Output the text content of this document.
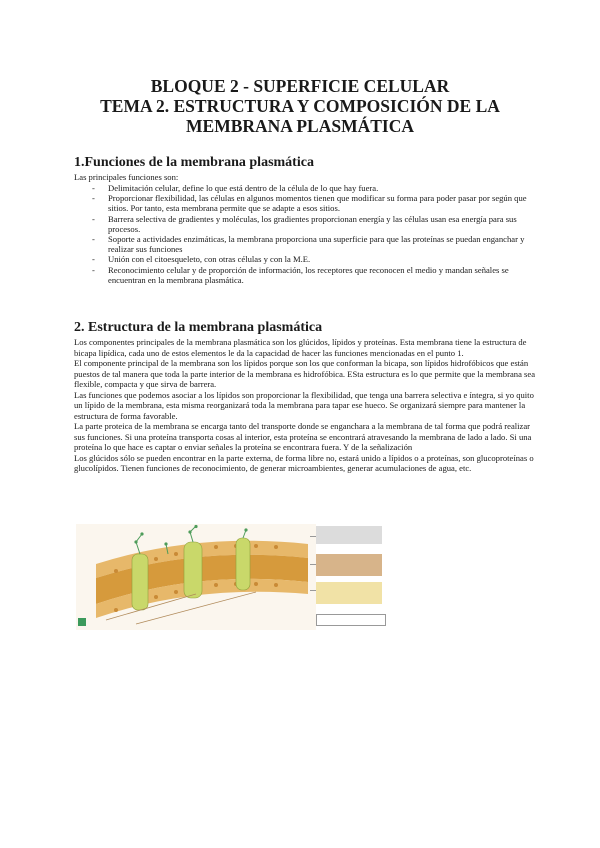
BLOQUE 2 - SUPERFICIE CELULAR
TEMA 2. ESTRUCTURA Y COMPOSICIÓN DE LA
MEMBRANA PLASMÁTICA
1.Funciones de la membrana plasmática
Las principales funciones son:
- Delimitación celular, define lo que está dentro de la célula de lo que hay fuera.
- Proporcionar flexibilidad, las células en algunos momentos tienen que modificar su forma para poder pasar por según que sitios. Por tanto, esta membrana permite que se adapte a esos sitios.
- Barrera selectiva de gradientes y moléculas, los gradientes proporcionan energía y las células usan esa energía para sus procesos.
- Soporte a actividades enzimáticas, la membrana proporciona una superficie para que las proteínas se puedan enganchar y realizar sus funciones
- Unión con el citoesqueleto, con otras células y con la M.E.
- Reconocimiento celular y de proporción de información, los receptores que reconocen el medio y mandan señales se encuentran en la membrana plasmática.
2. Estructura de la membrana plasmática

Los componentes principales de la membrana plasmática son los glúcidos, lípidos y proteínas. Esta membrana tiene la estructura de bicapa lipídica, cada uno de estos elementos le da la capacidad de hacer las funciones mencionadas en el punto 1.

El componente principal de la membrana son los lípidos porque son los que conforman la bicapa, son lípidos hidrofóbicos que están puestos de tal manera que toda la parte interior de la membrana es hidrofóbica. ESta estructura es lo que permite que la membrana sea flexible, compacta y que sirva de barrera.

Las funciones que podemos asociar a los lípidos son proporcionar la flexibilidad, que tenga una barrera selectiva e íntegra, si yo quito un lípido de la membrana, esta misma reorganizará toda la membrana para tapar ese hueco. Se organizará siempre para mantener la estructura de forma favorable.

La parte proteica de la membrana se encarga tanto del transporte donde se enganchara a la membrana de tal forma que podrá realizar sus funciones. Si una proteína transporta cosas al interior, esta proteína se encontrará atravesando la membrana de lado a lado. Si una proteína lo que hace es captar o enviar señales la proteína se encontrara fuera. Y de la señalización

Los glúcidos sólo se pueden encontrar en la parte externa, de forma libre no, estará unido a lípidos o a proteínas, son glucoproteínas o glucolípidos. Tienen funciones de reconocimiento, de generar microambientes, generar acumulaciones de agua, etc.
